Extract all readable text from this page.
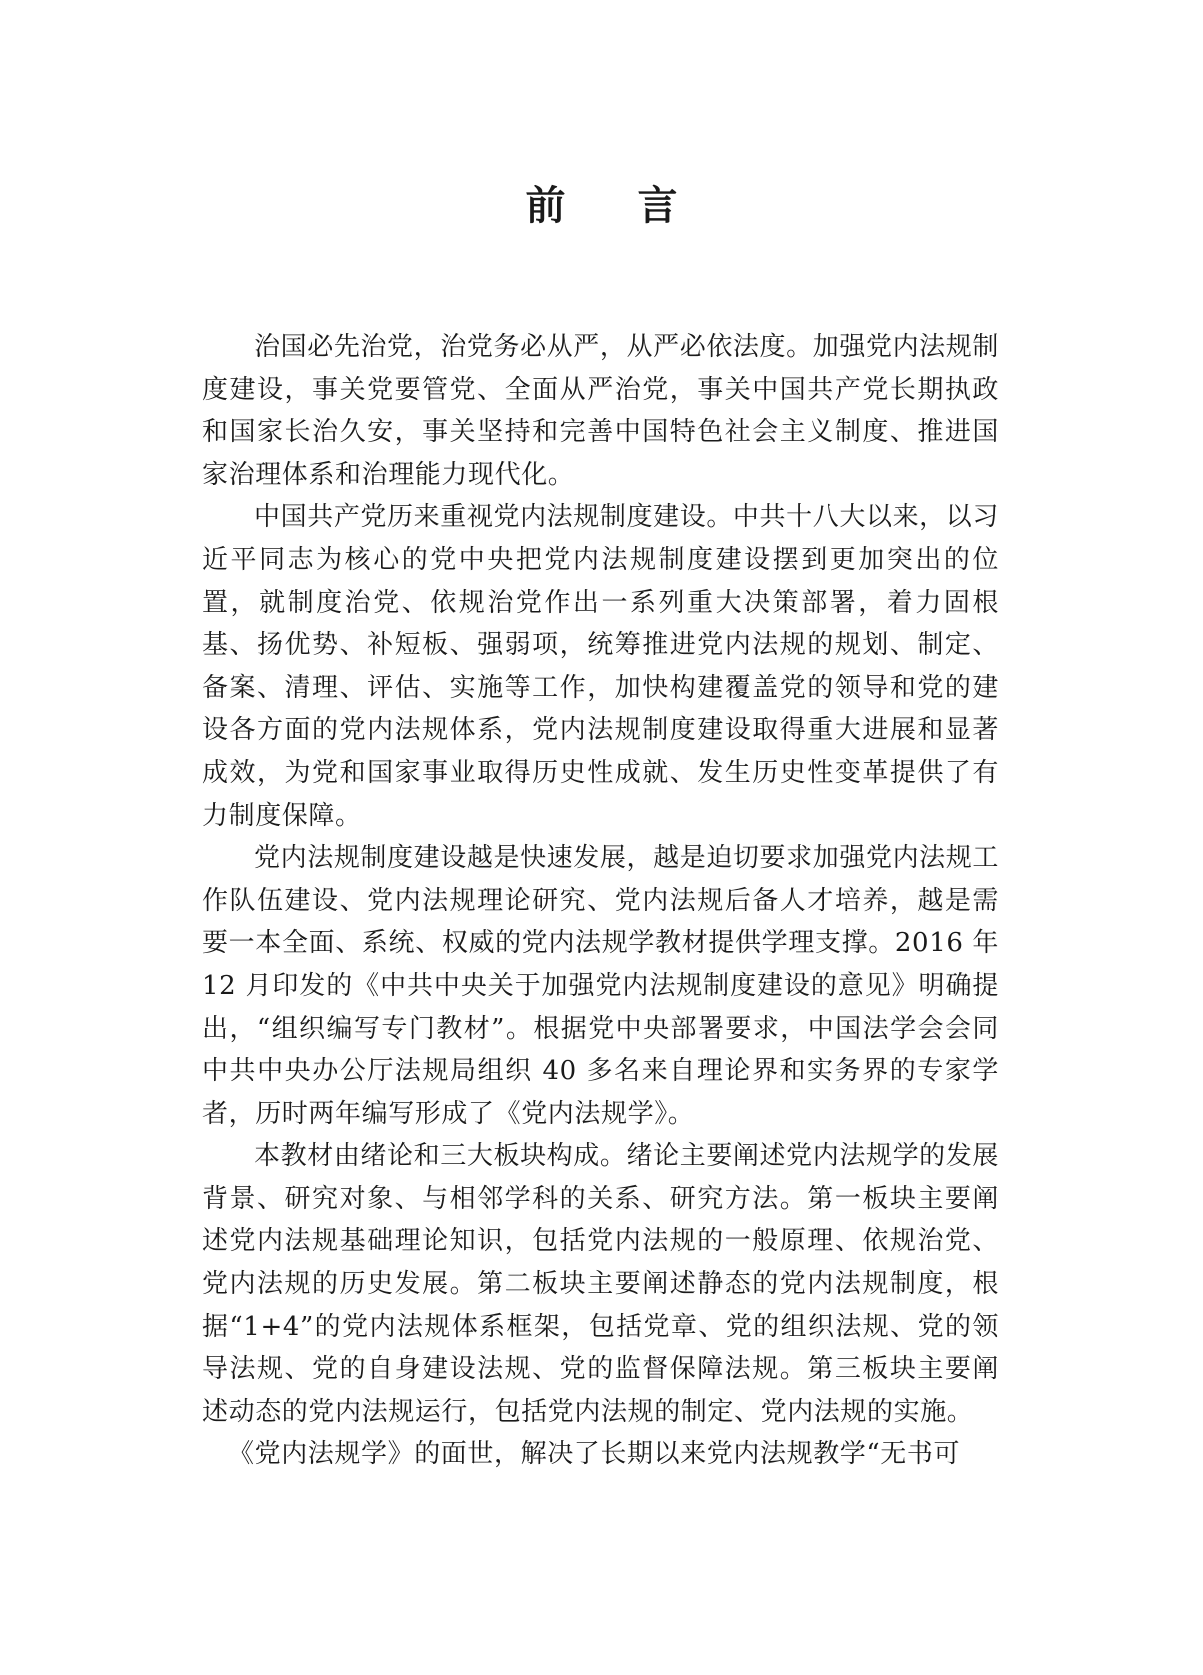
前言

治国必先治党，治党务必从严，从严必依法度。加强党内法规制度建设，事关党要管党、全面从严治党，事关中国共产党长期执政和国家长治久安，事关坚持和完善中国特色社会主义制度、推进国家治理体系和治理能力现代化。

中国共产党历来重视党内法规制度建设。中共十八大以来，以习近平同志为核心的党中央把党内法规制度建设摆到更加突出的位置，就制度治党、依规治党作出一系列重大决策部署，着力固根基、扬优势、补短板、强弱项，统筹推进党内法规的规划、制定、备案、清理、评估、实施等工作，加快构建覆盖党的领导和党的建设各方面的党内法规体系，党内法规制度建设取得重大进展和显著成效，为党和国家事业取得历史性成就、发生历史性变革提供了有力制度保障。

党内法规制度建设越是快速发展，越是迫切要求加强党内法规工作队伍建设、党内法规理论研究、党内法规后备人才培养，越是需要一本全面、系统、权威的党内法规学教材提供学理支撑。2016 年 12 月印发的《中共中央关于加强党内法规制度建设的意见》明确提出，“组织编写专门教材”。根据党中央部署要求，中国法学会会同中共中央办公厅法规局组织 40 多名来自理论界和实务界的专家学者，历时两年编写形成了《党内法规学》。

本教材由绪论和三大板块构成。绪论主要阐述党内法规学的发展背景、研究对象、与相邻学科的关系、研究方法。第一板块主要阐述党内法规基础理论知识，包括党内法规的一般原理、依规治党、党内法规的历史发展。第二板块主要阐述静态的党内法规制度，根据“1+4”的党内法规体系框架，包括党章、党的组织法规、党的领导法规、党的自身建设法规、党的监督保障法规。第三板块主要阐述动态的党内法规运行，包括党内法规的制定、党内法规的实施。

《党内法规学》的面世，解决了长期以来党内法规教学“无书可
